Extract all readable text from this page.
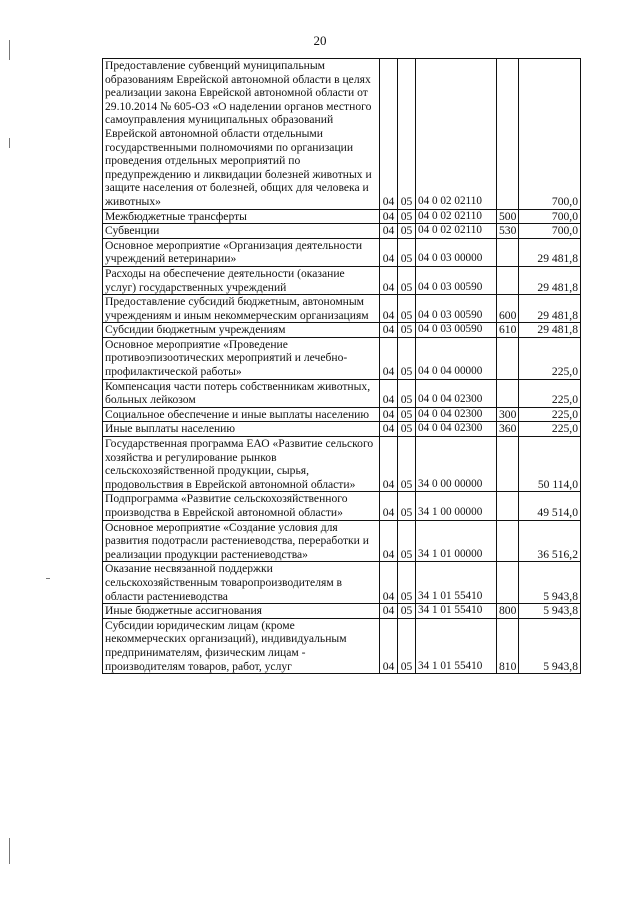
20
Предоставление субвенций муниципальным образованиям Еврейской автономной области в целях реализации закона Еврейской автономной области от 29.10.2014 № 605-ОЗ «О наделении органов местного самоуправления муниципальных образований Еврейской автономной области отдельными государственными полномочиями по организации проведения отдельных мероприятий по предупреждению и ликвидации болезней животных и защите населения от болезней, общих для человека и животных»	04	05	04 0 02 02110		700,0
Межбюджетные трансферты	04	05	04 0 02 02110	500	700,0
Субвенции	04	05	04 0 02 02110	530	700,0
Основное мероприятие «Организация деятельности учреждений ветеринарии»	04	05	04 0 03 00000		29 481,8
Расходы на обеспечение деятельности (оказание услуг) государственных учреждений	04	05	04 0 03 00590		29 481,8
Предоставление субсидий бюджетным, автономным учреждениям и иным некоммерческим организациям	04	05	04 0 03 00590	600	29 481,8
Субсидии бюджетным учреждениям	04	05	04 0 03 00590	610	29 481,8
Основное мероприятие «Проведение противоэпизоотических мероприятий и лечебно-профилактической работы»	04	05	04 0 04 00000		225,0
Компенсация части потерь собственникам животных, больных лейкозом	04	05	04 0 04 02300		225,0
Социальное обеспечение и иные выплаты населению	04	05	04 0 04 02300	300	225,0
Иные выплаты населению	04	05	04 0 04 02300	360	225,0
Государственная программа ЕАО «Развитие сельского хозяйства и регулирование рынков сельскохозяйственной продукции, сырья, продовольствия в Еврейской автономной области»	04	05	34 0 00 00000		50 114,0
Подпрограмма «Развитие сельскохозяйственного производства в Еврейской автономной области»	04	05	34 1 00 00000		49 514,0
Основное мероприятие «Создание условия для развития подотрасли растениеводства, переработки и реализации продукции растениеводства»	04	05	34 1 01 00000		36 516,2
Оказание несвязанной поддержки сельскохозяйственным товаропроизводителям в области растениеводства	04	05	34 1 01 55410		5 943,8
Иные бюджетные ассигнования	04	05	34 1 01 55410	800	5 943,8
Субсидии юридическим лицам (кроме некоммерческих организаций), индивидуальным предпринимателям, физическим лицам - производителям товаров, работ, услуг	04	05	34 1 01 55410	810	5 943,8
